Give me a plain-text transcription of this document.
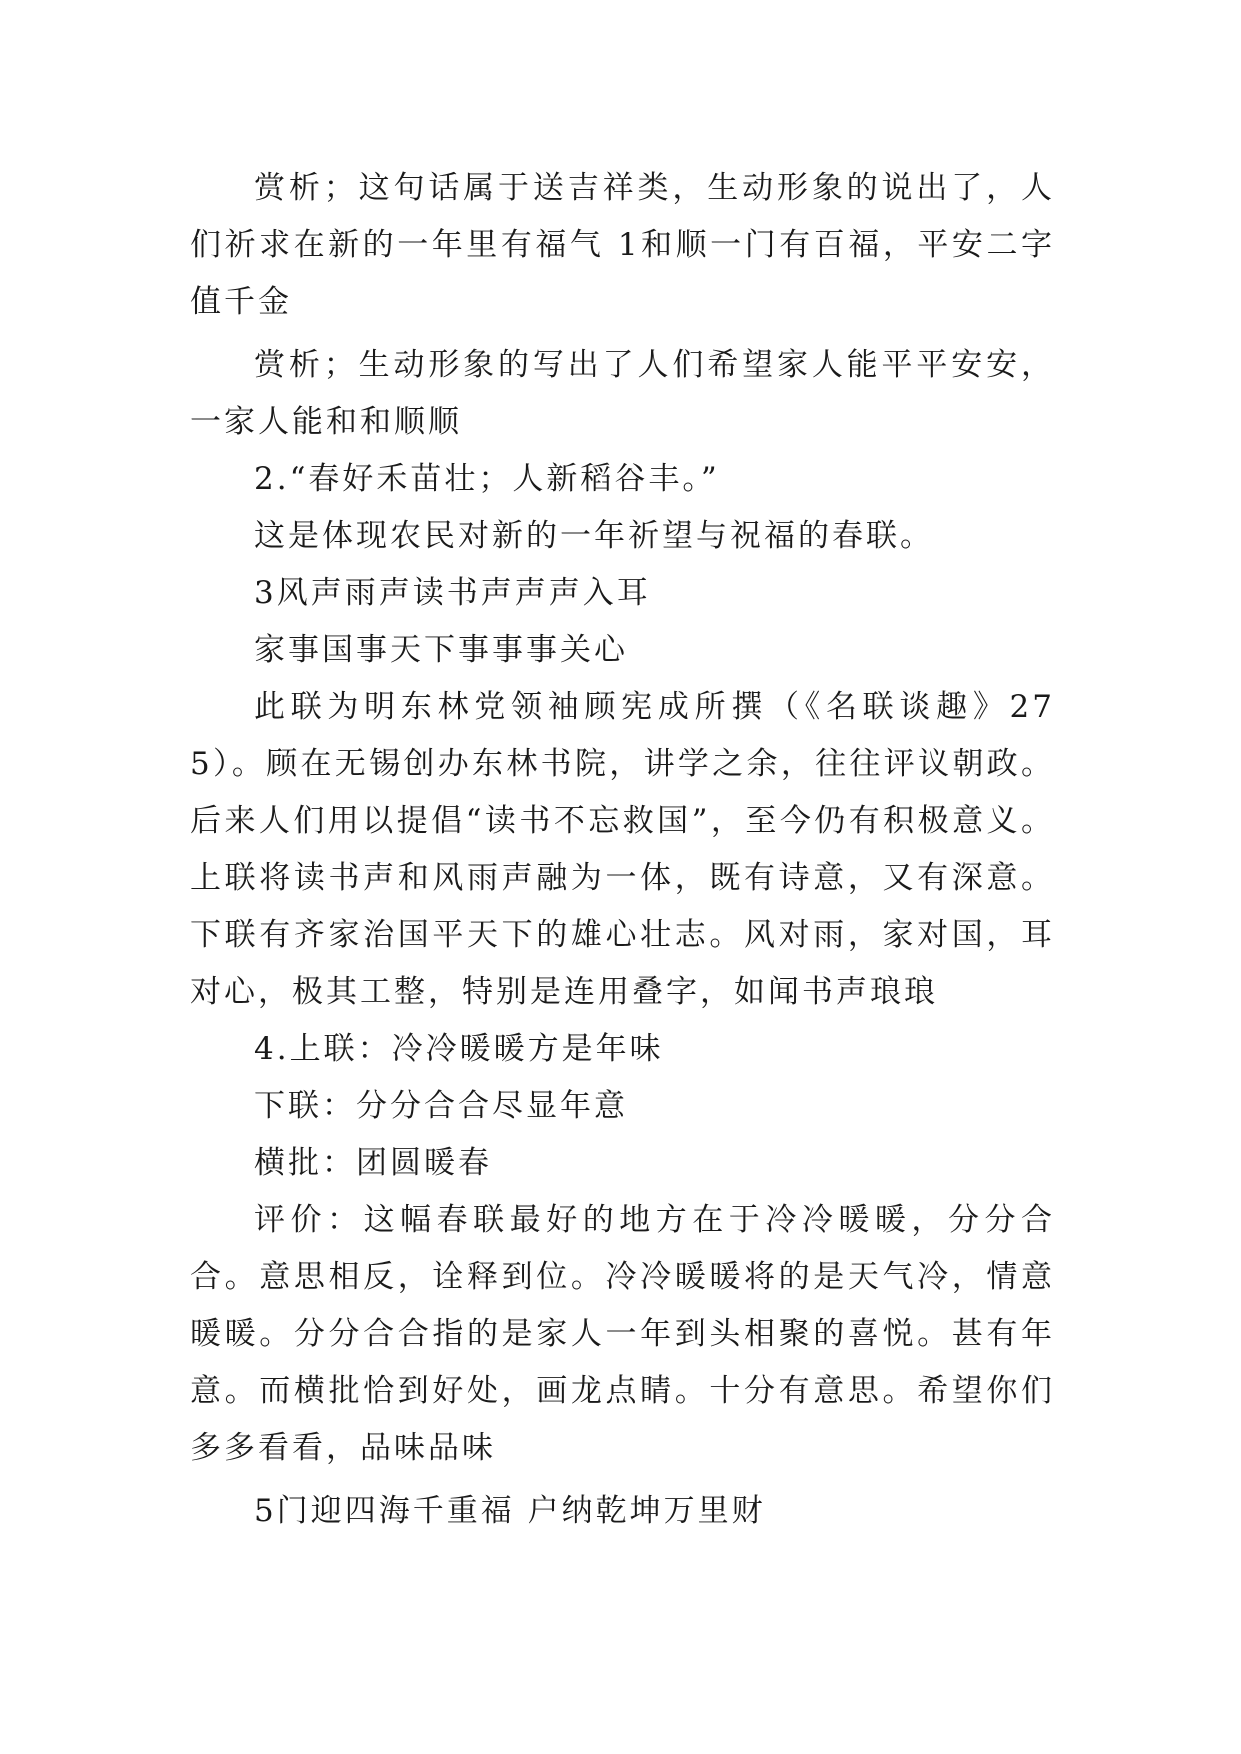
赏析；这句话属于送吉祥类，生动形象的说出了，人们祈求在新的一年里有福气 1和顺一门有百福，平安二字值千金

赏析；生动形象的写出了人们希望家人能平平安安，一家人能和和顺顺

2.“春好禾苗壮；人新稻谷丰。”

这是体现农民对新的一年祈望与祝福的春联。

3风声雨声读书声声声入耳

家事国事天下事事事关心

此联为明东林党领袖顾宪成所撰（《名联谈趣》275）。顾在无锡创办东林书院，讲学之余，往往评议朝政。后来人们用以提倡“读书不忘救国”，至今仍有积极意义。上联将读书声和风雨声融为一体，既有诗意，又有深意。下联有齐家治国平天下的雄心壮志。风对雨，家对国，耳对心，极其工整，特别是连用叠字，如闻书声琅琅

4.上联：冷冷暖暖方是年味

下联：分分合合尽显年意

横批：团圆暖春

评价：这幅春联最好的地方在于冷冷暖暖，分分合合。意思相反，诠释到位。冷冷暖暖将的是天气冷，情意暖暖。分分合合指的是家人一年到头相聚的喜悦。甚有年意。而横批恰到好处，画龙点睛。十分有意思。希望你们多多看看，品味品味

5门迎四海千重福 户纳乾坤万里财
